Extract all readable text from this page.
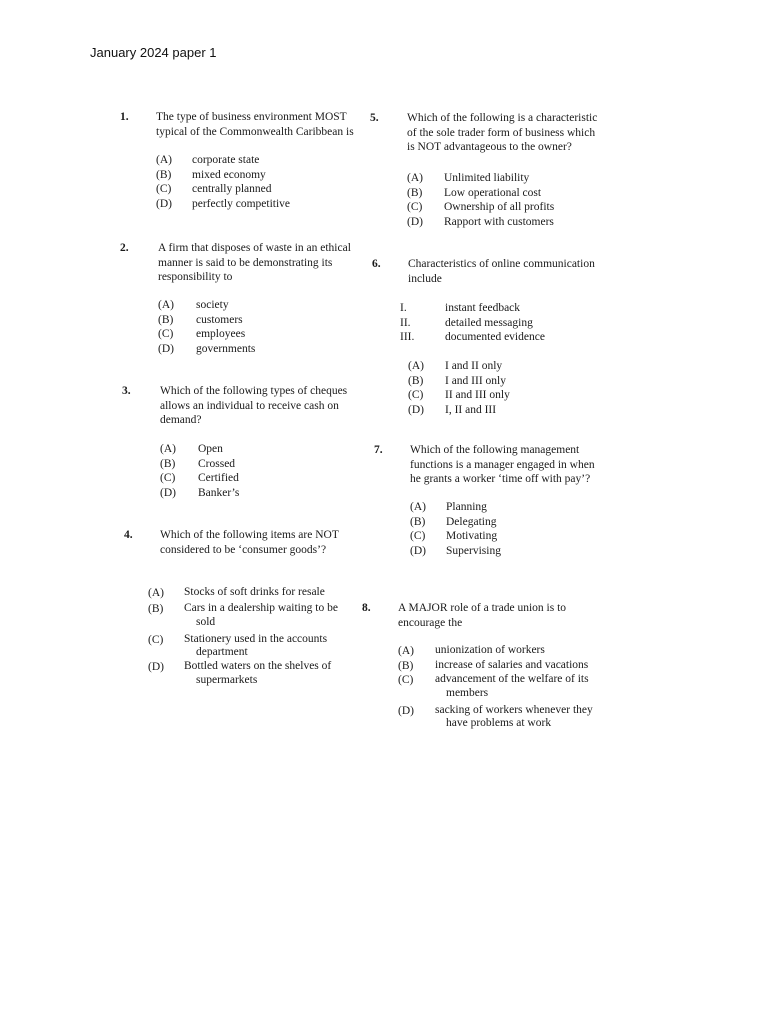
January 2024 paper 1
1. The type of business environment MOST
typical of the Commonwealth Caribbean is
(A) corporate state
(B) mixed economy
(C) centrally planned
(D) perfectly competitive
2.	A firm that disposes of waste in an ethical
manner is said to be demonstrating its
responsibility to
(A) society
(B) customers
(C) employees
(D) governments
3.	Which of the following types of cheques
allows an individual to receive cash on
demand?
(A) Open
(B) Crossed
(C) Certified
(D) Banker’s
4. Which of the following items are NOT
considered to be ‘consumer goods’?
(A) Stocks of soft drinks for resale
(B) Cars in a dealership waiting to be
sold
(C) Stationery used in the accounts
department
(D) Bottled waters on the shelves of
supermarkets
5. Which of the following is a characteristic
of the sole trader form of business which
is NOT advantageous to the owner?
(A) Unlimited liability
(B) Low operational cost
(C) Ownership of all profits
(D) Rapport with customers
6. Characteristics of online communication
include
I.	instant feedback
II.	detailed messaging
III.	documented evidence
(A) I and II only
(B) I and III only
(C) II and III only
(D) I, II and III
7. Which of the following management
functions is a manager engaged in when
he grants a worker ‘time off with pay’?
(A) Planning
(B) Delegating
(C) Motivating
(D) Supervising
8. A MAJOR role of a trade union is to
encourage the
(A) unionization of workers
(B) increase of salaries and vacations
(C) advancement of the welfare of its
members
(D) sacking of workers whenever they
have problems at work
